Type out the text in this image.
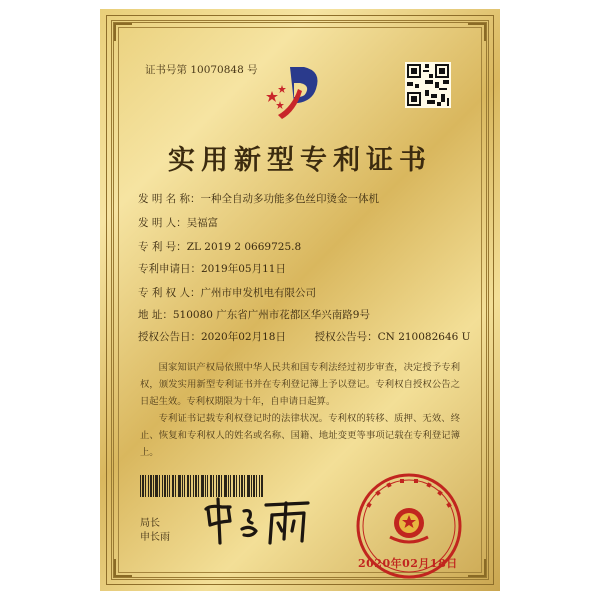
证书号第 10070848 号
实用新型专利证书
发 明 名 称：一种全自动多功能多色丝印烫金一体机
发 明 人：吴福富
专 利 号：ZL 2019 2 0669725.8
专利申请日：2019年05月11日
专 利 权 人：广州市申发机电有限公司
地 址：510080 广东省广州市花都区华兴南路9号
授权公告日：2020年02月18日	授权公告号：CN 210082646 U
国家知识产权局依照中华人民共和国专利法经过初步审查，决定授予专利权，颁发实用新型专利证书并在专利登记簿上予以登记。专利权自授权公告之日起生效。专利权期限为十年，自申请日起算。
专利证书记载专利权登记时的法律状况。专利权的转移、质押、无效、终止、恢复和专利权人的姓名或名称、国籍、地址变更等事项记载在专利登记簿上。
局长
申长雨
2020年02月18日
